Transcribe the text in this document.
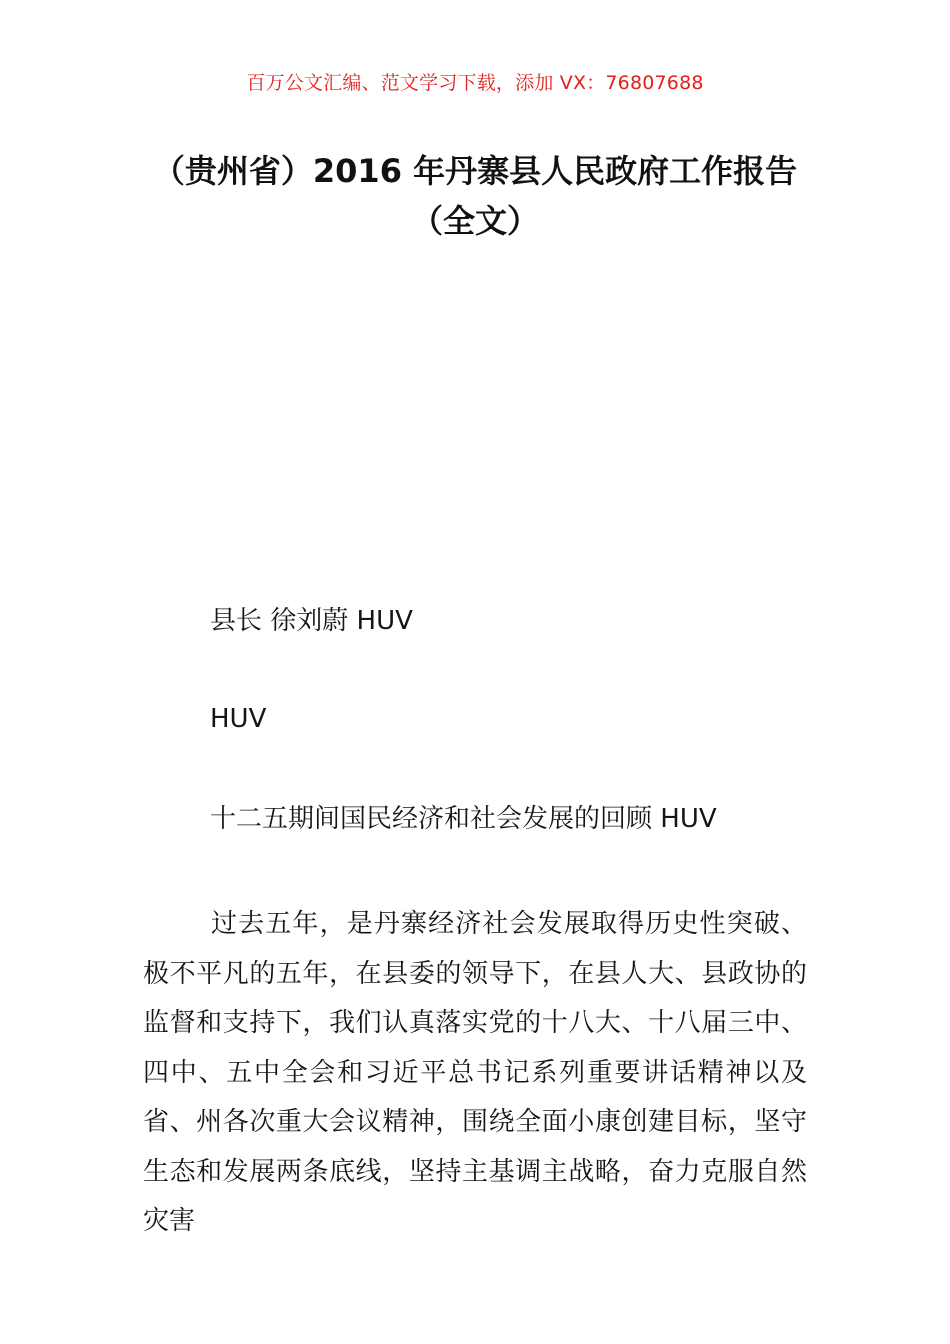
百万公文汇编、范文学习下载，添加 VX：76807688
（贵州省）2016 年丹寨县人民政府工作报告（全文）
县长 徐刘蔚 HUV
HUV
十二五期间国民经济和社会发展的回顾 HUV

过去五年，是丹寨经济社会发展取得历史性突破、极不平凡的五年，在县委的领导下，在县人大、县政协的监督和支持下，我们认真落实党的十八大、十八届三中、四中、五中全会和习近平总书记系列重要讲话精神以及省、州各次重大会议精神，围绕全面小康创建目标，坚守生态和发展两条底线，坚持主基调主战略，奋力克服自然灾害
